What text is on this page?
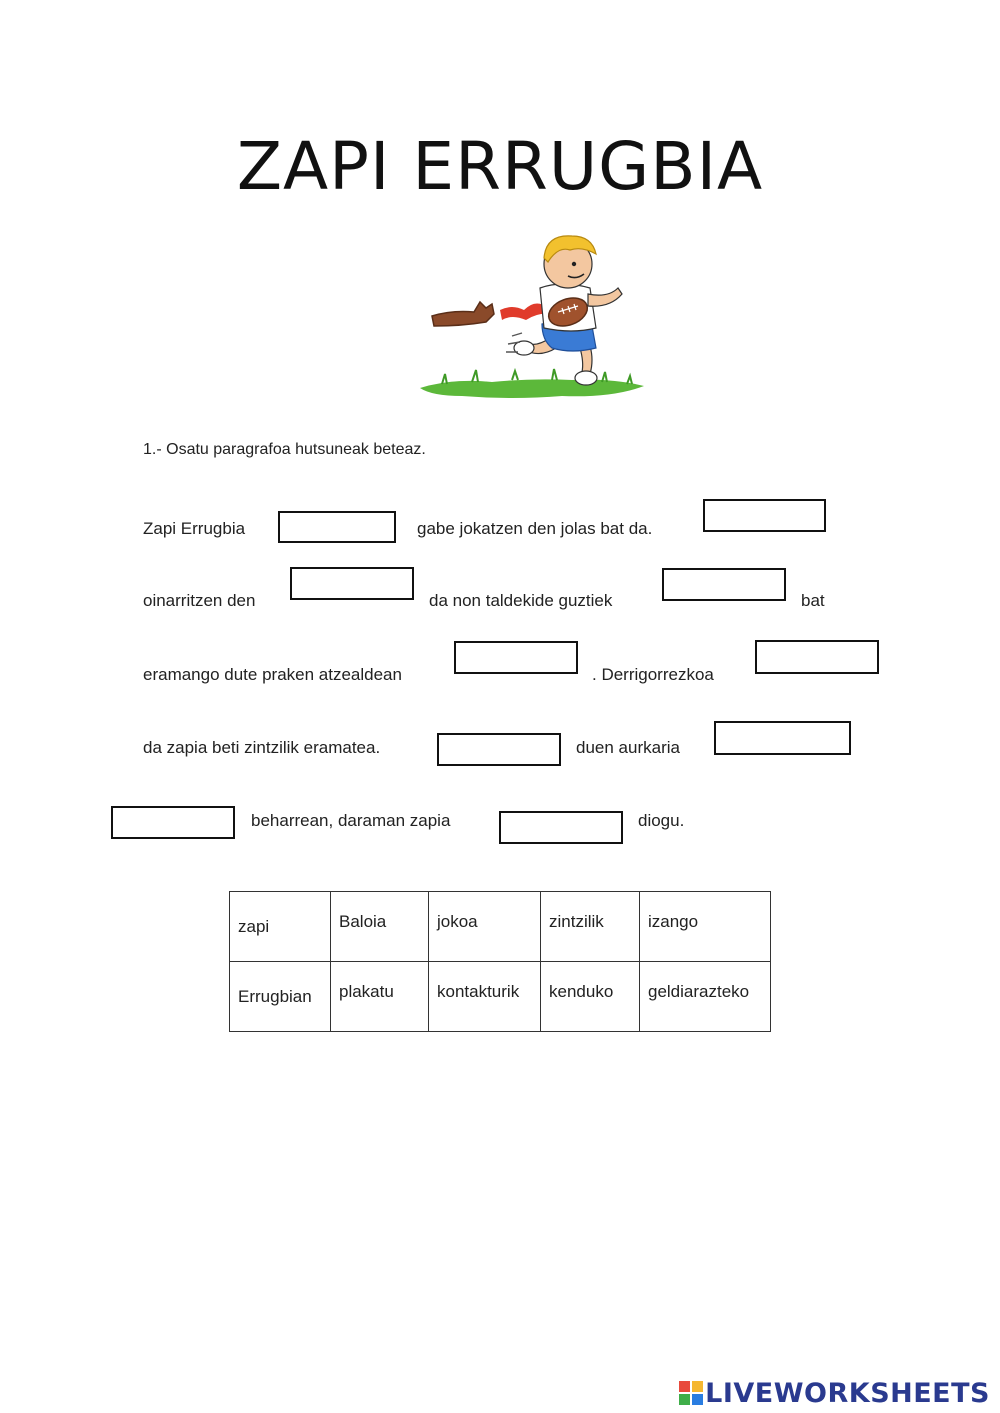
ZAPI ERRUGBIA
1.- Osatu paragrafoa hutsuneak beteaz.
Zapi Errugbia	gabe jokatzen den jolas bat da.
oinarritzen den	da non taldekide guztiek	bat
eramango dute praken atzealdean	. Derrigorrezkoa
da zapia beti zintzilik eramatea.	duen aurkaria
beharrean, daraman zapia	diogu.
zapi	Baloia	jokoa	zintzilik	izango
Errugbian	plakatu	kontakturik	kenduko	geldiarazteko
LIVEWORKSHEETS
